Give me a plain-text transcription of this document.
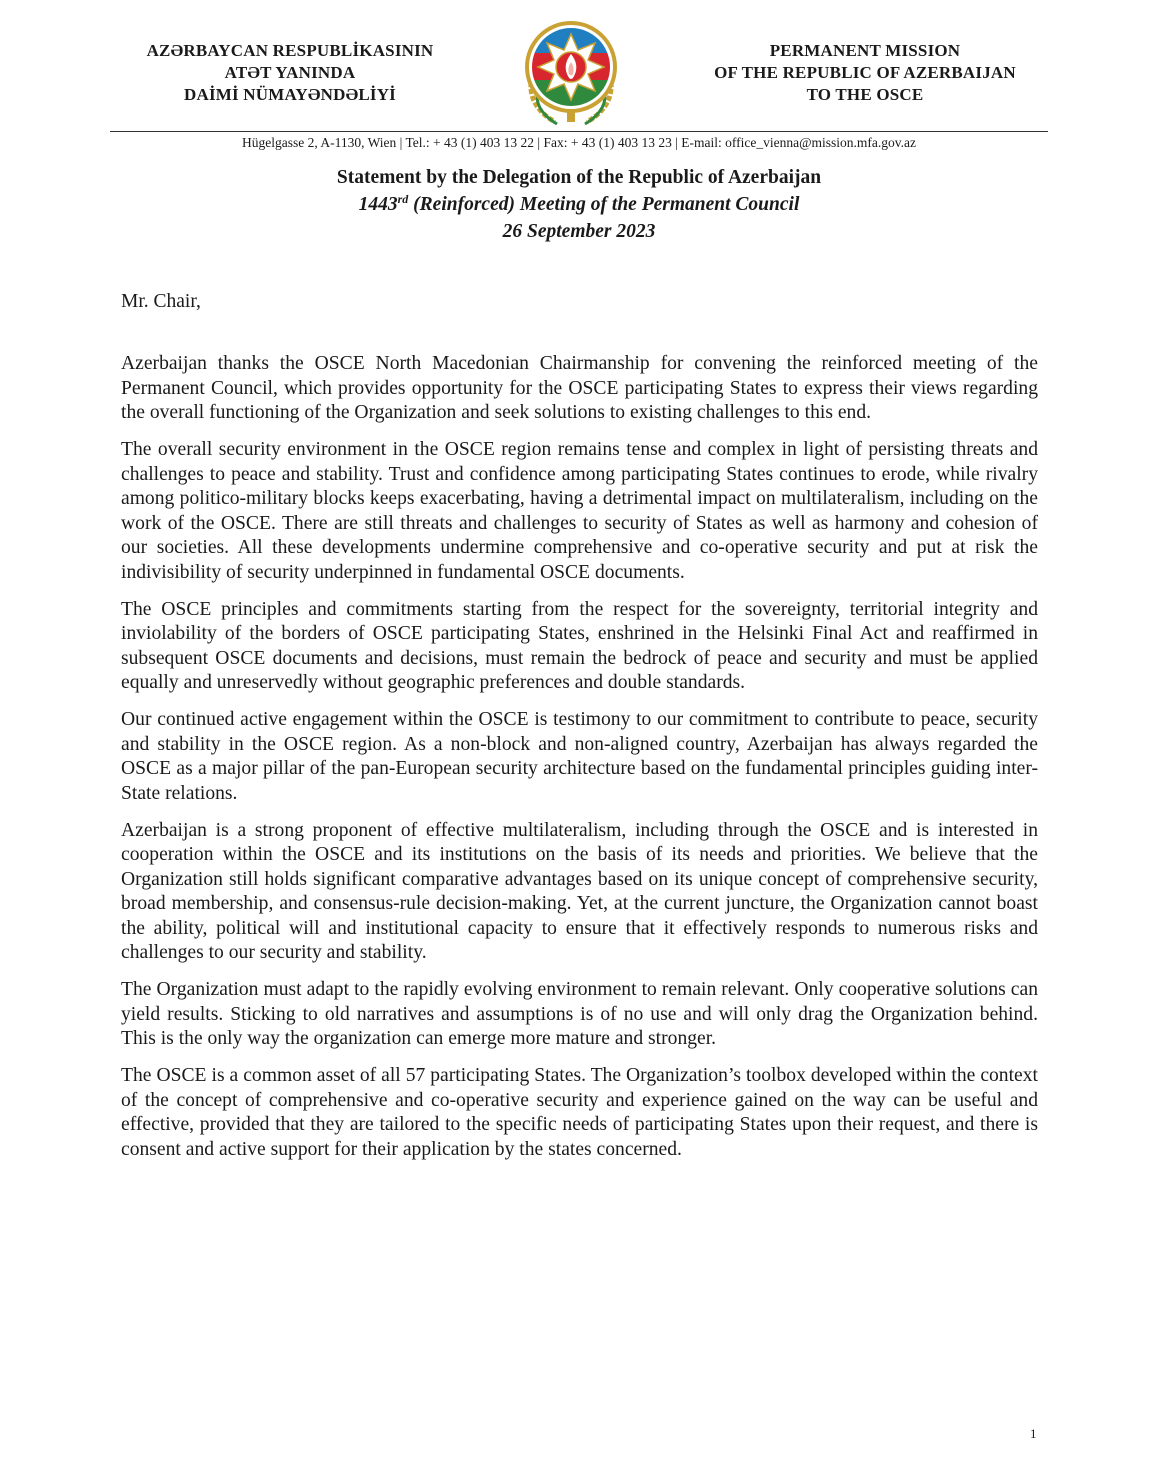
AZƏRBAYCAN RESPUBLİKASININ
ATƏT YANINDA
DAİMİ NÜMAYƏNDƏLİYİ
PERMANENT MISSION
OF THE REPUBLIC OF AZERBAIJAN
TO THE OSCE
Hügelgasse 2, A-1130, Wien | Tel.: + 43 (1) 403 13 22 | Fax: + 43 (1) 403 13 23 | E-mail: office_vienna@mission.mfa.gov.az
Statement by the Delegation of the Republic of Azerbaijan
1443rd (Reinforced) Meeting of the Permanent Council
26 September 2023
Mr. Chair,

Azerbaijan thanks the OSCE North Macedonian Chairmanship for convening the reinforced meeting of the Permanent Council, which provides opportunity for the OSCE participating States to express their views regarding the overall functioning of the Organization and seek solutions to existing challenges to this end.

The overall security environment in the OSCE region remains tense and complex in light of persisting threats and challenges to peace and stability. Trust and confidence among participating States continues to erode, while rivalry among politico-military blocks keeps exacerbating, having a detrimental impact on multilateralism, including on the work of the OSCE. There are still threats and challenges to security of States as well as harmony and cohesion of our societies. All these developments undermine comprehensive and co-operative security and put at risk the indivisibility of security underpinned in fundamental OSCE documents.

The OSCE principles and commitments starting from the respect for the sovereignty, territorial integrity and inviolability of the borders of OSCE participating States, enshrined in the Helsinki Final Act and reaffirmed in subsequent OSCE documents and decisions, must remain the bedrock of peace and security and must be applied equally and unreservedly without geographic preferences and double standards.

Our continued active engagement within the OSCE is testimony to our commitment to contribute to peace, security and stability in the OSCE region. As a non-block and non-aligned country, Azerbaijan has always regarded the OSCE as a major pillar of the pan-European security architecture based on the fundamental principles guiding inter-State relations.

Azerbaijan is a strong proponent of effective multilateralism, including through the OSCE and is interested in cooperation within the OSCE and its institutions on the basis of its needs and priorities. We believe that the Organization still holds significant comparative advantages based on its unique concept of comprehensive security, broad membership, and consensus-rule decision-making. Yet, at the current juncture, the Organization cannot boast the ability, political will and institutional capacity to ensure that it effectively responds to numerous risks and challenges to our security and stability.

The Organization must adapt to the rapidly evolving environment to remain relevant. Only cooperative solutions can yield results. Sticking to old narratives and assumptions is of no use and will only drag the Organization behind. This is the only way the organization can emerge more mature and stronger.

The OSCE is a common asset of all 57 participating States. The Organization’s toolbox developed within the context of the concept of comprehensive and co-operative security and experience gained on the way can be useful and effective, provided that they are tailored to the specific needs of participating States upon their request, and there is consent and active support for their application by the states concerned.

1
